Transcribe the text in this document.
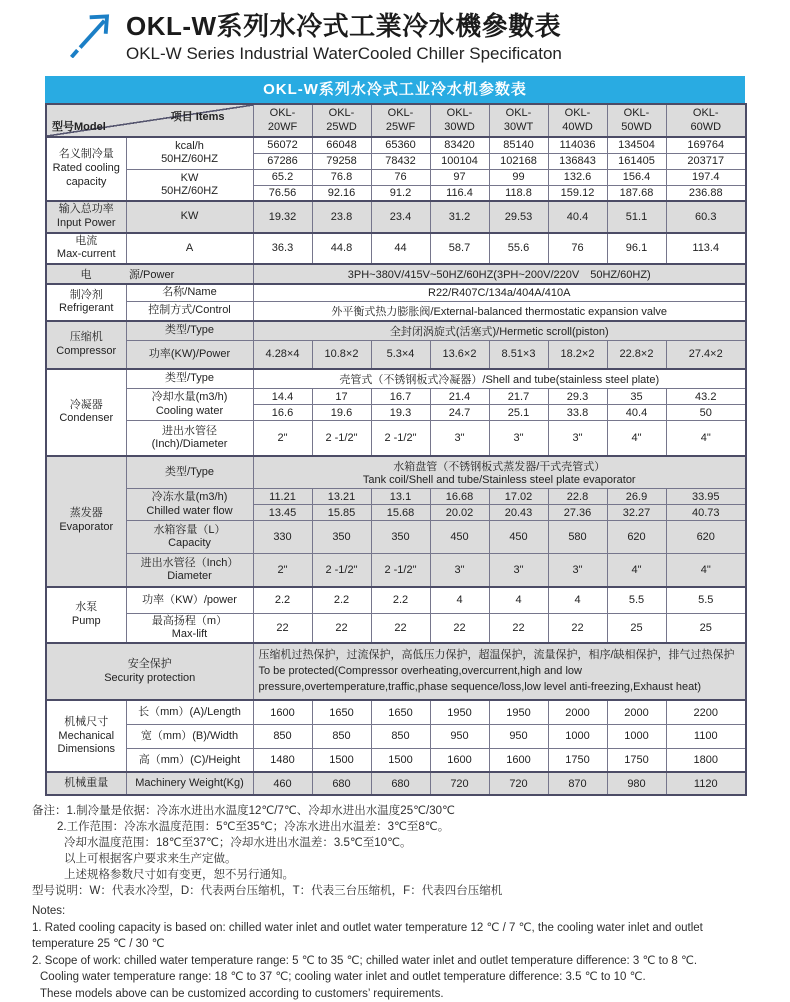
OKL-W系列水冷式工業冷水機參數表
OKL-W Series Industrial WaterCooled Chiller Specificaton
OKL-W系列水冷式工业冷水机参数表
型号Model
项目 Items		OKL-20WF	OKL-25WD	OKL-25WF	OKL-30WD	OKL-30WT	OKL-40WD	OKL-50WD	OKL-60WD

名义制冷量
Rated cooling capacity

kcal/h
50HZ/60HZ
	56072	66048	65360	83420	85140	114036	134504	169764
		67286	79258	78432	100104	102168	136843	161405	203717

	KW
50HZ/60HZ	65.2	76.8	76	97	99	132.6	156.4	197.4
		76.56	92.16	91.2	116.4	118.8	159.12	187.68	236.88

输入总功率
Input Power	KW	19.32	23.8	23.4	31.2	29.53	40.4	51.1	60.3

电流
Max-current	A	36.3	44.8	44	58.7	55.6	76	96.1	113.4

电 源/Power		3PH~380V/415V~50HZ/60HZ(3PH~200V/220V　50HZ/60HZ)							

制冷剂
Refrigerant	名称/Name	R22/R407C/134a/404A/410A							
	控制方式/Control	外平衡式热力膨胀阀/External-balanced thermostatic expansion valve							

压缩机
Compressor	类型/Type	全封闭涡旋式(活塞式)/Hermetic scroll(piston)							
	功率(KW)/Power	4.28×4	10.8×2	5.3×4	13.6×2	8.51×3	18.2×2	22.8×2	27.4×2

冷凝器
Condenser	类型/Type	壳管式（不锈钢板式冷凝器）/Shell and tube(stainless steel plate)							

	冷却水量(m3/h)
Cooling water	14.4	17	16.7	21.4	21.7	29.3	35	43.2
		16.6	19.6	19.3	24.7	25.1	33.8	40.4	50

	进出水管径
(Inch)/Diameter	2"	2 -1/2"	2 -1/2"	3"	3"	3"	4"	4"

蒸发器
Evaporator
	类型/Type	水箱盘管（不锈钢板式蒸发器/干式壳管式）
Tank coil/Shell and tube/Stainless steel plate evaporator

	冷冻水量(m3/h)
Chilled water flow	11.21	13.21	13.1	16.68	17.02	22.8	26.9	33.95
		13.45	15.85	15.68	20.02	20.43	27.36	32.27	40.73

	水箱容量（L）
Capacity	330	350	350	450	450	580	620	620

	进出水管径（Inch）
Diameter	2"	2 -1/2"	2 -1/2"	3"	3"	3"	4"	4"

水泵
Pump	功率（KW）/power	2.2	2.2	2.2	4	4	4	5.5	5.5

	最高扬程（m）
Max-lift	22	22	22	22	22	22	25	25

安全保护
Security protection
	压缩机过热保护，过流保护，高低压力保护，超温保护，流量保护，相序/缺相保护，排气过热保护
To be protected(Compressor overheating,overcurrent,high and low pressure,overtemperature,traffic,phase sequence/loss,low level anti-freezing,Exhaust heat)

机械尺寸
Mechanical Dimensions	长（mm）(A)/Length	1600	1650	1650	1950	1950	2000	2000	2200
	宽（mm）(B)/Width	850	850	850	950	950	1000	1000	1100
	高（mm）(C)/Height	1480	1500	1500	1600	1600	1750	1750	1800
机械重量	Machinery Weight(Kg)	460	680	680	720	720	870	980	1120
备注：1.制冷量是依据：冷冻水进出水温度12℃/7℃、冷却水进出水温度25℃/30℃
2.工作范围：冷冻水温度范围：5℃至35℃；冷冻水进出水温差：3℃至8℃。
冷却水温度范围：18℃至37℃；冷却水进出水温差：3.5℃至10℃。
以上可根据客户要求来生产定做。
上述规格参数尺寸如有变更，恕不另行通知。
型号说明：W：代表水冷型，D：代表两台压缩机，T：代表三台压缩机，F：代表四台压缩机
Notes:
1. Rated cooling capacity is based on: chilled water inlet and outlet water temperature 12 ℃ / 7 ℃, the cooling water inlet and outlet
temperature 25 ℃ / 30 ℃
2. Scope of work: chilled water temperature range: 5 ℃ to 35 ℃; chilled water inlet and outlet temperature difference: 3 ℃ to 8 ℃.
Cooling water temperature range: 18 ℃ to 37 ℃; cooling water inlet and outlet temperature difference: 3.5 ℃ to 10 ℃.
These models above can be customized according to customers’ requirements.
